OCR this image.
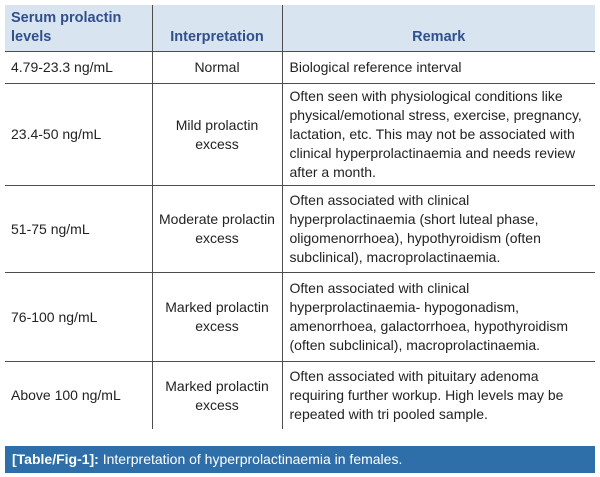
Serum prolactin levels	Interpretation	Remark
4.79-23.3 ng/mL	Normal	Biological reference interval
23.4-50 ng/mL	Mild prolactin excess	Often seen with physiological conditions like physical/emotional stress, exercise, pregnancy, lactation, etc. This may not be associated with clinical hyperprolactinaemia and needs review after a month.
51-75 ng/mL	Moderate prolactin excess	Often associated with clinical hyperprolactinaemia (short luteal phase, oligomenorrhoea), hypothyroidism (often subclinical), macroprolactinaemia.
76-100 ng/mL	Marked prolactin excess	Often associated with clinical hyperprolactinaemia- hypogonadism, amenorrhoea, galactorrhoea, hypothyroidism (often subclinical), macroprolactinaemia.
Above 100 ng/mL	Marked prolactin excess	Often associated with pituitary adenoma requiring further workup. High levels may be repeated with tri pooled sample.
[Table/Fig-1]: Interpretation of hyperprolactinaemia in females.
